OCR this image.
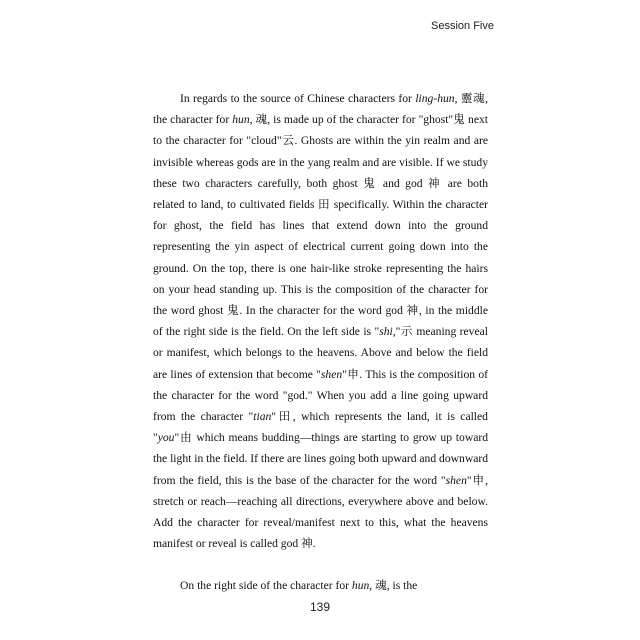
Session Five

In regards to the source of Chinese characters for ling-hun, 靈魂, the character for hun, 魂, is made up of the character for "ghost"鬼 next to the character for "cloud"云. Ghosts are within the yin realm and are invisible whereas gods are in the yang realm and are visible. If we study these two characters carefully, both ghost 鬼 and god 神 are both related to land, to cultivated fields 田 specifically. Within the character for ghost, the field has lines that extend down into the ground representing the yin aspect of electrical current going down into the ground. On the top, there is one hair-like stroke representing the hairs on your head standing up. This is the composition of the character for the word ghost 鬼. In the character for the word god 神, in the middle of the right side is the field. On the left side is "shi,"示 meaning reveal or manifest, which belongs to the heavens. Above and below the field are lines of extension that become "shen"申. This is the composition of the character for the word "god." When you add a line going upward from the character "tian"田, which represents the land, it is called "you"由 which means budding—things are starting to grow up toward the light in the field. If there are lines going both upward and downward from the field, this is the base of the character for the word "shen"申, stretch or reach—reaching all directions, everywhere above and below. Add the character for reveal/manifest next to this, what the heavens manifest or reveal is called god 神.

On the right side of the character for hun, 魂, is the

139
